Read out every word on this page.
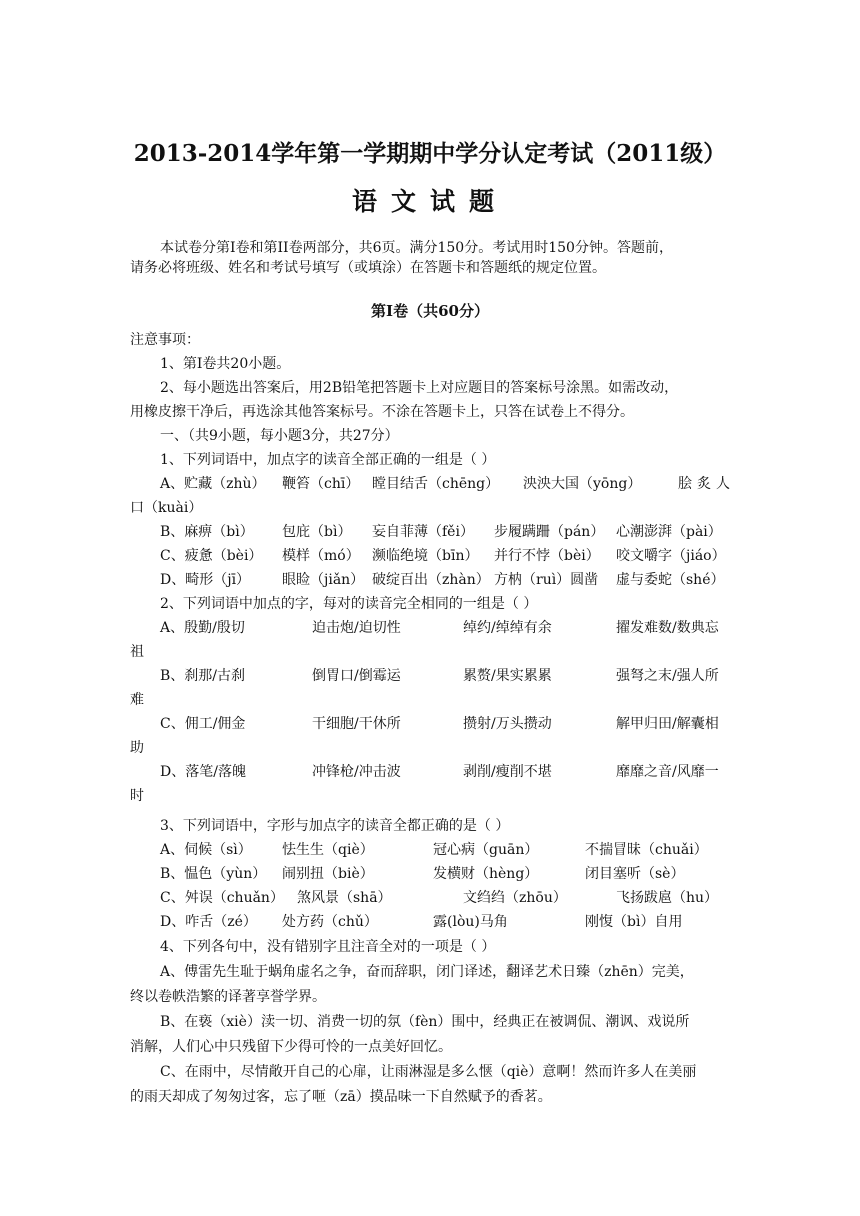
2013-2014学年第一学期期中学分认定考试（2011级）
语文试题
本试卷分第I卷和第II卷两部分，共6页。满分150分。考试用时150分钟。答题前，
请务必将班级、姓名和考试号填写（或填涂）在答题卡和答题纸的规定位置。
第Ⅰ卷（共60分）
注意事项：
1、第I卷共20小题。
2、每小题选出答案后，用2B铅笔把答题卡上对应题目的答案标号涂黑。如需改动，
用橡皮擦干净后，再选涂其他答案标号。不涂在答题卡上，只答在试卷上不得分。
一、（共9小题，每小题3分，共27分）
1、下列词语中，加点字的读音全部正确的一组是（ ）
A、贮藏（zhù） 鞭笞（chī） 瞠目结舌（chēng） 泱泱大国（yōng）	脍炙人
口（kuài）
B、麻痹（bì） 包庇（bì） 妄自菲薄（fěi） 步履蹒跚（pán） 心潮澎湃（pài）
C、疲惫（bèi） 模样（mó） 濒临绝境（bīn） 并行不悖（bèi） 咬文嚼字（jiáo）
D、畸形（jī） 眼睑（jiǎn） 破绽百出（zhàn） 方枘（ruì）圆凿 虚与委蛇（shé）
2、下列词语中加点的字，每对的读音完全相同的一组是（ ）
A、殷勤/殷切	迫击炮/迫切性	绰约/绰绰有余	擢发难数/数典忘
祖
B、刹那/古刹	倒胃口/倒霉运	累赘/果实累累	强弩之末/强人所
难
C、佣工/佣金	干细胞/干休所	攒射/万头攒动	解甲归田/解囊相
助
D、落笔/落魄	冲锋枪/冲击波	剥削/瘦削不堪	靡靡之音/风靡一
时
3、下列词语中，字形与加点字的读音全都正确的是（ ）
A、伺候（sì） 怯生生（qiè）	冠心病（guān）	不揣冒昧（chuǎi）
B、愠色（yùn） 闹别扭（biè）	发横财（hèng）	闭目塞听（sè）
C、舛误（chuǎn） 煞风景（shā）	文绉绉（zhōu）	飞扬跋扈（hu）
D、咋舌（zé） 处方药（chǔ）	露(lòu)马角	刚愎（bì）自用
4、下列各句中，没有错别字且注音全对的一项是（ ）
A、傅雷先生耻于蜗角虚名之争，奋而辞职，闭门译述，翻译艺术日臻（zhēn）完美，
终以卷帙浩繁的译著享誉学界。
B、在亵（xiè）渎一切、消费一切的氛（fèn）围中，经典正在被调侃、潮讽、戏说所
消解，人们心中只残留下少得可怜的一点美好回忆。
C、在雨中，尽情敞开自己的心扉，让雨淋湿是多么惬（qiè）意啊！然而许多人在美丽
的雨天却成了匆匆过客，忘了咂（zā）摸品味一下自然赋予的香茗。
